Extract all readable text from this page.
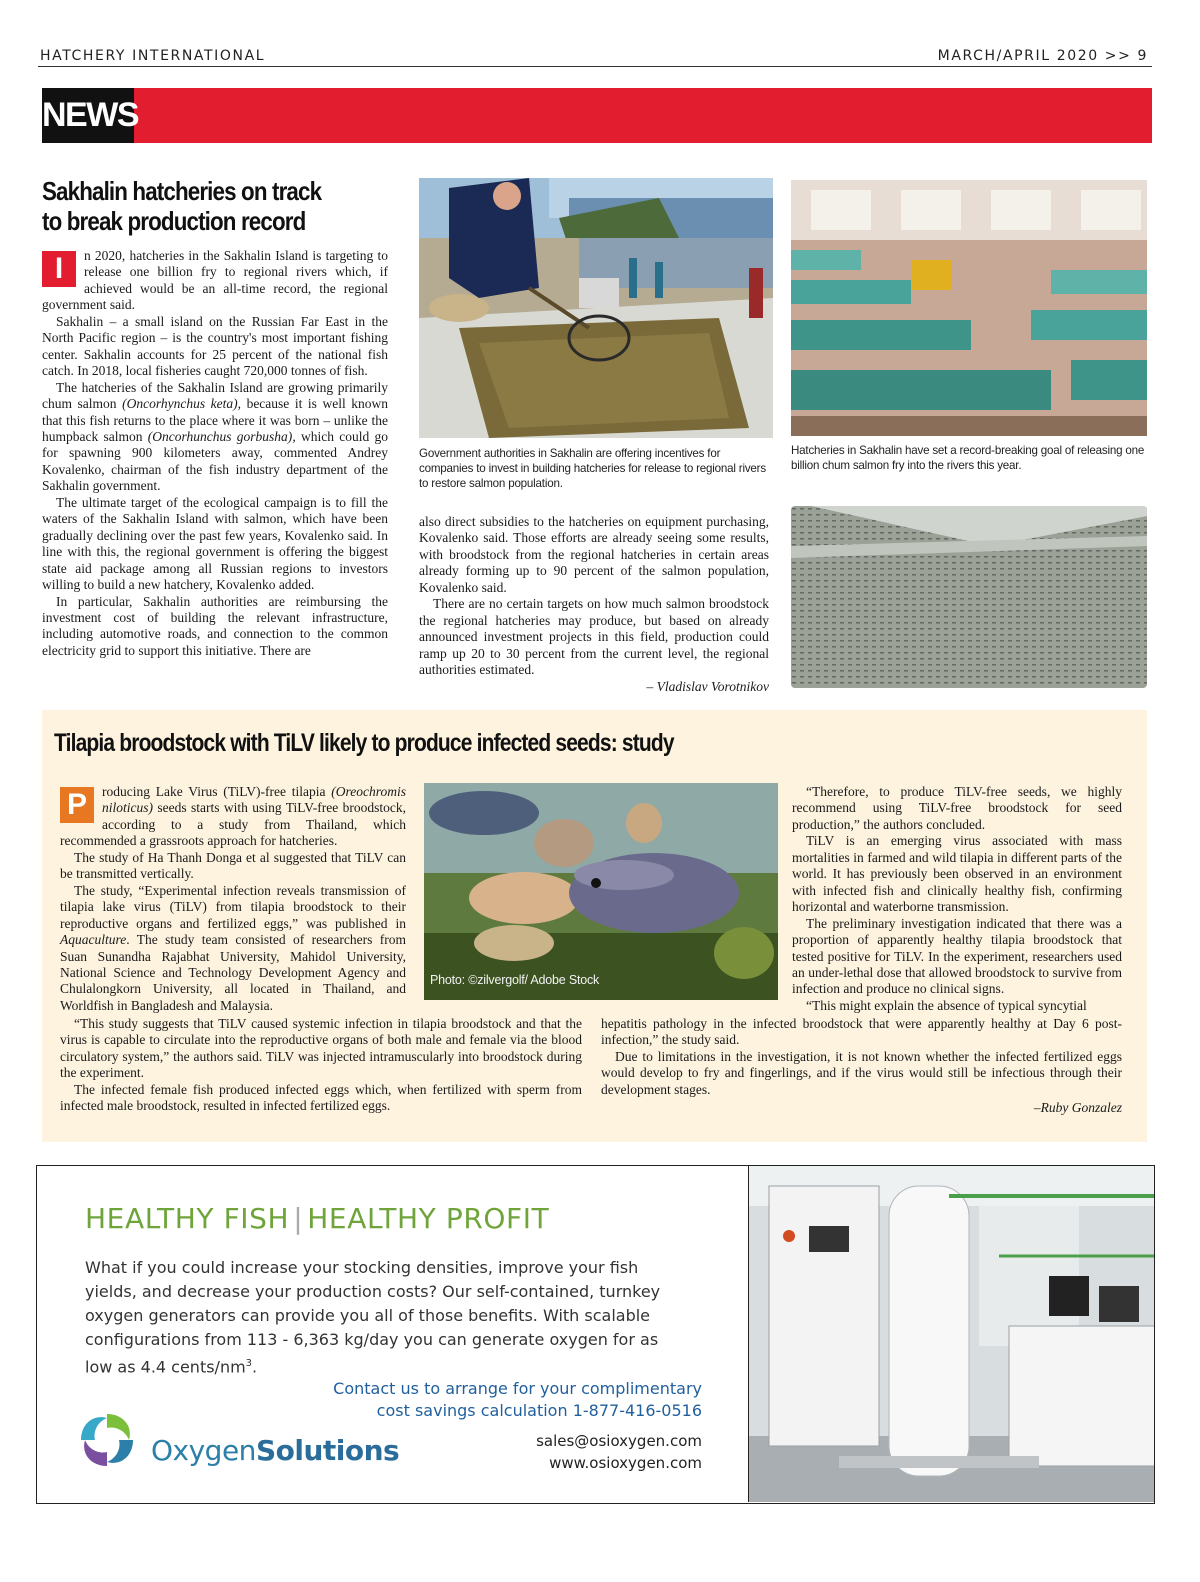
HATCHERY INTERNATIONAL	MARCH/APRIL 2020 >> 9
NEWS
Sakhalin hatcheries on track
to break production record

I	n 2020, hatcheries in the Sakhalin Island is targeting to release one billion fry to regional rivers which, if achieved would be an all-time record, the regional government said.

Sakhalin – a small island on the Russian Far East in the North Pacific region – is the country's most important fishing center. Sakhalin accounts for 25 percent of the national fish catch. In 2018, local fisheries caught 720,000 tonnes of fish.

The hatcheries of the Sakhalin Island are growing primarily chum salmon (Oncorhynchus keta), because it is well known that this fish returns to the place where it was born – unlike the humpback salmon (Oncorhunchus gorbusha), which could go for spawning 900 kilometers away, commented Andrey Kovalenko, chairman of the fish industry department of the Sakhalin government.

The ultimate target of the ecological campaign is to fill the waters of the Sakhalin Island with salmon, which have been gradually declining over the past few years, Kovalenko said. In line with this, the regional government is offering the biggest state aid package among all Russian regions to investors willing to build a new hatchery, Kovalenko added.

In particular, Sakhalin authorities are reimbursing the investment cost of building the relevant infrastructure, including automotive roads, and connection to the common electricity grid to support this initiative. There are

Government authorities in Sakhalin are offering incentives for companies to invest in building hatcheries for release to regional rivers to restore salmon population.
Hatcheries in Sakhalin have set a record-breaking goal of releasing one billion chum salmon fry into the rivers this year.

also direct subsidies to the hatcheries on equipment purchasing, Kovalenko said. Those efforts are already seeing some results, with broodstock from the regional hatcheries in certain areas already forming up to 90 percent of the salmon population, Kovalenko said.

There are no certain targets on how much salmon broodstock the regional hatcheries may produce, but based on already announced investment projects in this field, production could ramp up 20 to 30 percent from the current level, the regional authorities estimated.

– Vladislav Vorotnikov
Tilapia broodstock with TiLV likely to produce infected seeds: study
Photo: ©zilvergolf/ Adobe Stock

P	roducing Lake Virus (TiLV)-free tilapia (Oreochromis niloticus) seeds starts with using TiLV-free broodstock, according to a study from Thailand, which recommended a grassroots approach for hatcheries.

The study of Ha Thanh Donga et al suggested that TiLV can be transmitted vertically.

The study, “Experimental infection reveals transmission of tilapia lake virus (TiLV) from tilapia broodstock to their reproductive organs and fertilized eggs,” was published in Aquaculture. The study team consisted of researchers from Suan Sunandha Rajabhat University, Mahidol University, National Science and Technology Development Agency and Chulalongkorn University, all located in Thailand, and Worldfish in Bangladesh and Malaysia.

“This study suggests that TiLV caused systemic infection in tilapia broodstock and that the virus is capable to circulate into the reproductive organs of both male and female via the blood circulatory system,” the authors said. TiLV was injected intramuscularly into broodstock during the experiment.

The infected female fish produced infected eggs which, when fertilized with sperm from infected male broodstock, resulted in infected fertilized eggs.

“Therefore, to produce TiLV-free seeds, we highly recommend using TiLV-free broodstock for seed production,” the authors concluded.

TiLV is an emerging virus associated with mass mortalities in farmed and wild tilapia in different parts of the world. It has previously been observed in an environment with infected fish and clinically healthy fish, confirming horizontal and waterborne transmission.

The preliminary investigation indicated that there was a proportion of apparently healthy tilapia broodstock that tested positive for TiLV. In the experiment, researchers used an under-lethal dose that allowed broodstock to survive from infection and produce no clinical signs.

“This might explain the absence of typical syncytial

hepatitis pathology in the infected broodstock that were apparently healthy at Day 6 post-infection,” the study said.

Due to limitations in the investigation, it is not known whether the infected fertilized eggs would develop to fry and fingerlings, and if the virus would still be infectious through their development stages.

–Ruby Gonzalez
HEALTHY FISH | HEALTHY PROFIT
What if you could increase your stocking densities, improve your fish yields, and decrease your production costs? Our self-contained, turnkey oxygen generators can provide you all of those benefits. With scalable configurations from 113 - 6,363 kg/day you can generate oxygen for as low as 4.4 cents/$nm^3$.
Contact us to arrange for your complimentary
cost savings calculation 1-877-416-0516
sales@osioxygen.com
www.osioxygen.com
OxygenSolutions
